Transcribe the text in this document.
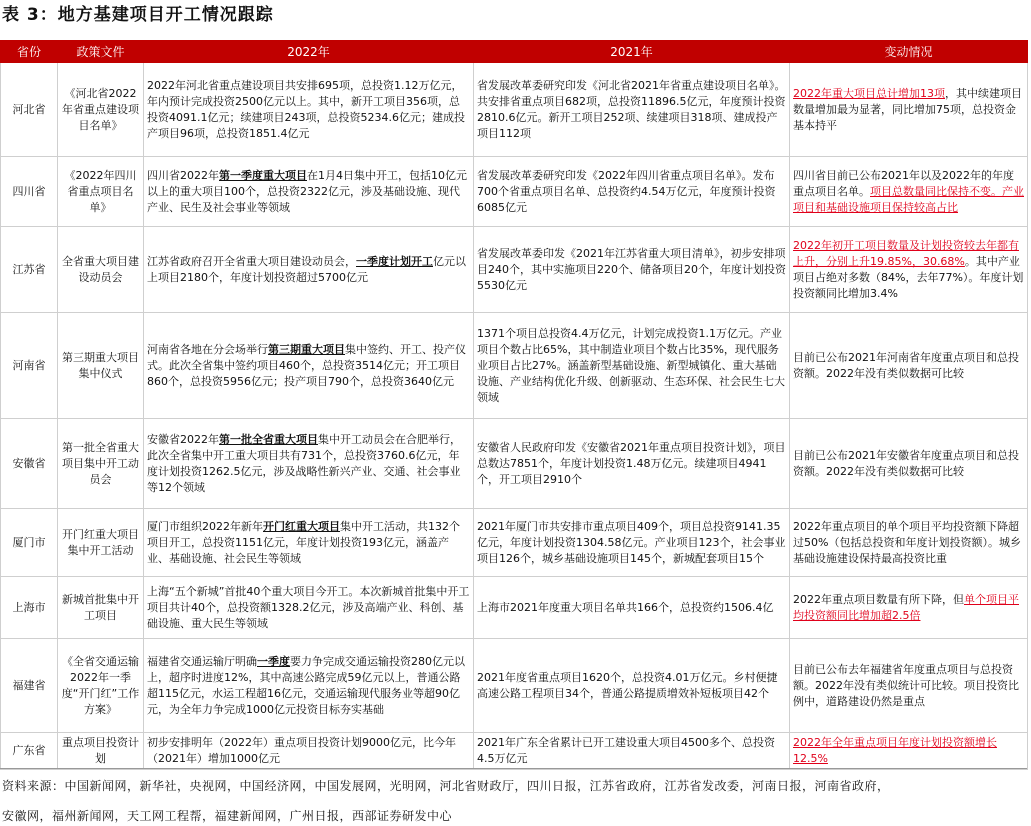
表 3：地方基建项目开工情况跟踪
省份	政策文件	2022年	2021年	变动情况
河北省	《河北省2022年省重点建设项目名单》	2022年河北省重点建设项目共安排695项，总投资1.12万亿元，年内预计完成投资2500亿元以上。其中，新开工项目356项，总投资4091.1亿元；续建项目243项，总投资5234.6亿元；建成投产项目96项，总投资1851.4亿元	省发展改革委研究印发《河北省2021年省重点建设项目名单》。共安排省重点项目682项，总投资11896.5亿元，年度预计投资2810.6亿元。新开工项目252项、续建项目318项、建成投产项目112项	2022年重大项目总计增加13项，其中续建项目数量增加最为显著，同比增加75项，总投资金基本持平
四川省	《2022年四川省重点项目名单》	四川省2022年第一季度重大项目在1月4日集中开工，包括10亿元以上的重大项目100个，总投资2322亿元，涉及基础设施、现代产业、民生及社会事业等领域	省发展改革委研究印发《2022年四川省重点项目名单》。发布700个省重点项目名单、总投资约4.54万亿元，年度预计投资6085亿元	四川省目前已公布2021年以及2022年的年度重点项目名单。项目总数量同比保持不变。产业项目和基础设施项目保持较高占比
江苏省	全省重大项目建设动员会	江苏省政府召开全省重大项目建设动员会，一季度计划开工亿元以上项目2180个，年度计划投资超过5700亿元	省发展改革委印发《2021年江苏省重大项目清单》，初步安排项目240个，其中实施项目220个、储备项目20个，年度计划投资5530亿元	2022年初开工项目数量及计划投资较去年都有上升，分别上升19.85%，30.68%。其中产业项目占绝对多数（84%，去年77%）。年度计划投资额同比增加3.4%
河南省	第三期重大项目集中仪式	河南省各地在分会场举行第三期重大项目集中签约、开工、投产仪式。此次全省集中签约项目460个，总投资3514亿元；开工项目860个，总投资5956亿元；投产项目790个，总投资3640亿元	1371个项目总投资4.4万亿元，计划完成投资1.1万亿元。产业项目个数占比65%，其中制造业项目个数占比35%，现代服务业项目占比27%。涵盖新型基础设施、新型城镇化、重大基础设施、产业结构优化升级、创新驱动、生态环保、社会民生七大领域	目前已公布2021年河南省年度重点项目和总投资额。2022年没有类似数据可比较
安徽省	第一批全省重大项目集中开工动员会	安徽省2022年第一批全省重大项目集中开工动员会在合肥举行，此次全省集中开工重大项目共有731个，总投资3760.6亿元，年度计划投资1262.5亿元，涉及战略性新兴产业、交通、社会事业等12个领域	安徽省人民政府印发《安徽省2021年重点项目投资计划》，项目总数达7851个，年度计划投资1.48万亿元。续建项目4941个，开工项目2910个	目前已公布2021年安徽省年度重点项目和总投资额。2022年没有类似数据可比较
厦门市	开门红重大项目集中开工活动	厦门市组织2022年新年开门红重大项目集中开工活动，共132个项目开工，总投资1151亿元，年度计划投资193亿元，涵盖产业、基础设施、社会民生等领域	2021年厦门市共安排市重点项目409个，项目总投资9141.35亿元，年度计划投资1304.58亿元。产业项目123个，社会事业项目126个，城乡基础设施项目145个，新城配套项目15个	2022年重点项目的单个项目平均投资额下降超过50%（包括总投资和年度计划投资额）。城乡基础设施建设保持最高投资比重
上海市	新城首批集中开工项目	上海“五个新城”首批40个重大项目今开工。本次新城首批集中开工项目共计40个，总投资额1328.2亿元，涉及高端产业、科创、基础设施、重大民生等领域	上海市2021年度重大项目名单共166个，总投资约1506.4亿	2022年重点项目数量有所下降，但单个项目平均投资额同比增加超2.5倍
福建省	《全省交通运输2022年一季度“开门红”工作方案》	福建省交通运输厅明确一季度要力争完成交通运输投资280亿元以上，超序时进度12%，其中高速公路完成59亿元以上，普通公路超115亿元，水运工程超16亿元，交通运输现代服务业等超90亿元，为全年力争完成1000亿元投资目标夯实基础	2021年度省重点项目1620个，总投资4.01万亿元。乡村便捷高速公路工程项目34个，普通公路提质增效补短板项目42个	目前已公布去年福建省年度重点项目与总投资额。2022年没有类似统计可比较。项目投资比例中，道路建设仍然是重点
广东省	重点项目投资计划	初步安排明年（2022年）重点项目投资计划9000亿元，比今年（2021年）增加1000亿元	2021年广东全省累计已开工建设重大项目4500多个、总投资4.5万亿元	2022年全年重点项目年度计划投资额增长12.5%
资料来源：中国新闻网，新华社，央视网，中国经济网，中国发展网，光明网，河北省财政厅，四川日报，江苏省政府，江苏省发改委，河南日报，河南省政府，
安徽网，福州新闻网，天工网工程帮，福建新闻网，广州日报，西部证券研发中心
